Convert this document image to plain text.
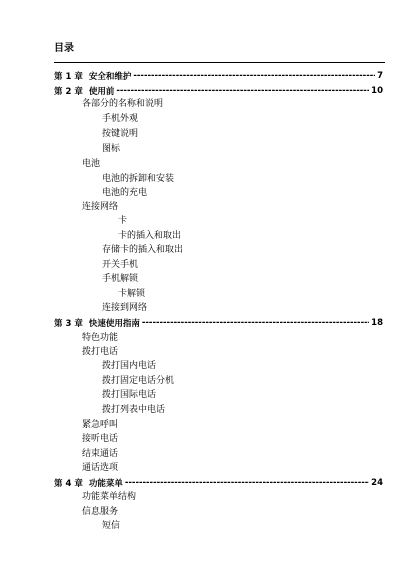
目录
第 1 章 安全和维护 -----	7
第 2 章 使用前 -----	10
各部分的名称和说明
手机外观
按键说明
图标
电池
电池的拆卸和安装
电池的充电
连接网络
卡
卡的插入和取出
存储卡的插入和取出
开关手机
手机解锁
卡解锁
连接到网络
第 3 章 快速使用指南 -----	18
特色功能
拨打电话
拨打国内电话
拨打固定电话分机
拨打国际电话
拨打列表中电话
紧急呼叫
接听电话
结束通话
通话选项
第 4 章 功能菜单 -----	24
功能菜单结构
信息服务
短信
